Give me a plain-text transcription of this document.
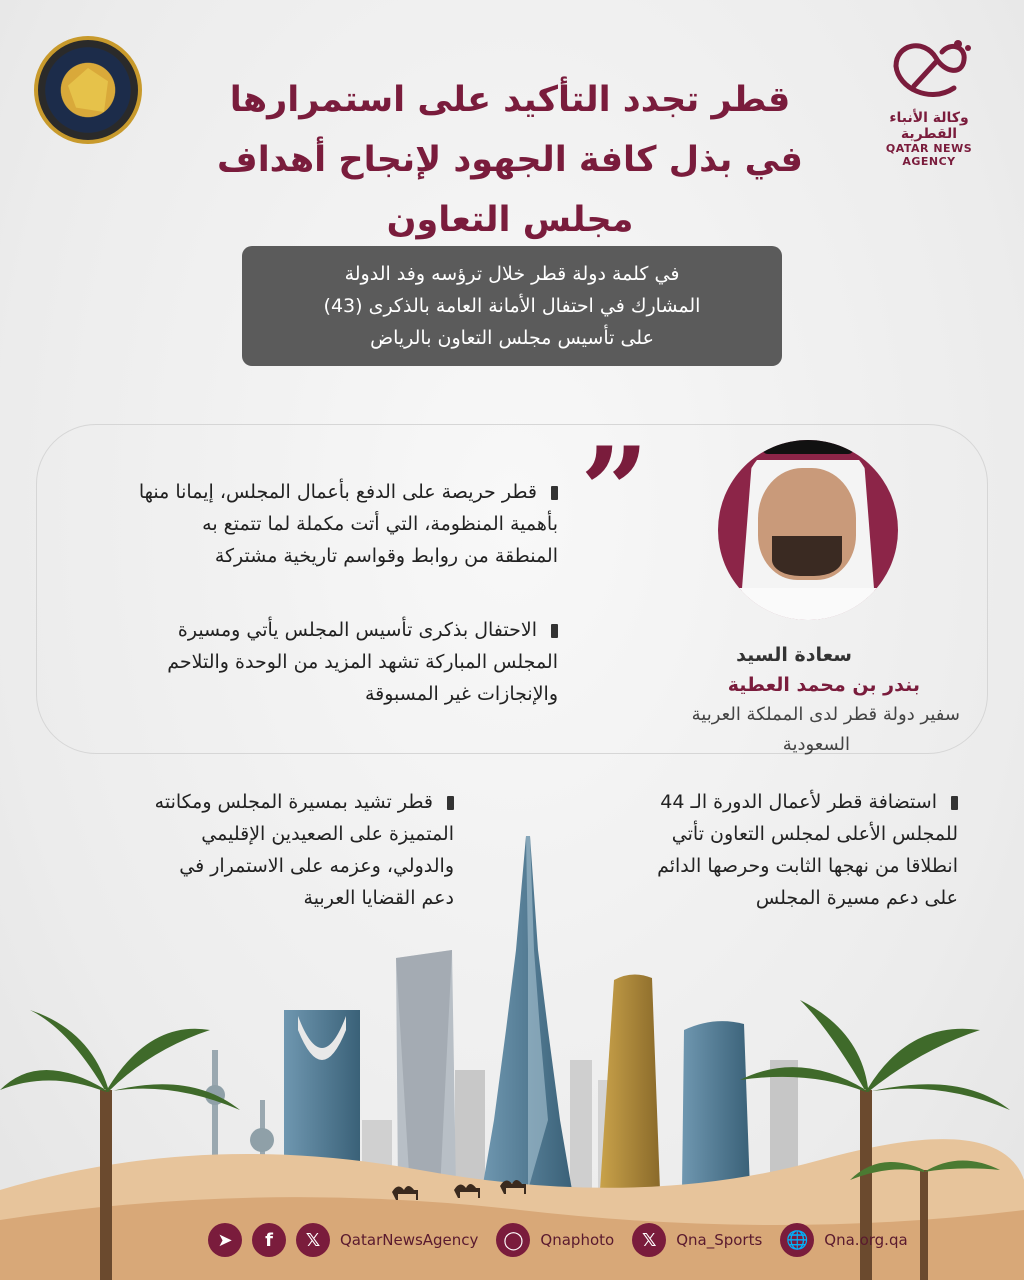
وكالة الأنباء القطرية
QATAR NEWS AGENCY
قطر تجدد التأكيد على استمرارها
في بذل كافة الجهود لإنجاح أهداف
مجلس التعاون
في كلمة دولة قطر خلال ترؤسه وفد الدولة
المشارك في احتفال الأمانة العامة بالذكرى (43)
على تأسيس مجلس التعاون بالرياض
”
قطر حريصة على الدفع بأعمال المجلس، إيمانا منها
بأهمية المنظومة، التي أتت مكملة لما تتمتع به
المنطقة من روابط وقواسم تاريخية مشتركة
الاحتفال بذكرى تأسيس المجلس يأتي ومسيرة
المجلس المباركة تشهد المزيد من الوحدة والتلاحم
والإنجازات غير المسبوقة
قطر تشيد بمسيرة المجلس ومكانته
المتميزة على الصعيدين الإقليمي
والدولي، وعزمه على الاستمرار في
دعم القضايا العربية
استضافة قطر لأعمال الدورة الـ 44
للمجلس الأعلى لمجلس التعاون تأتي
انطلاقا من نهجها الثابت وحرصها الدائم
على دعم مسيرة المجلس
سعادة السيد
بندر بن محمد العطية
سفير دولة قطر لدى المملكة العربية
السعودية
➤	f	𝕏	QatarNewsAgency	◯	Qnaphoto	𝕏	Qna_Sports	🌐	Qna.org.qa
